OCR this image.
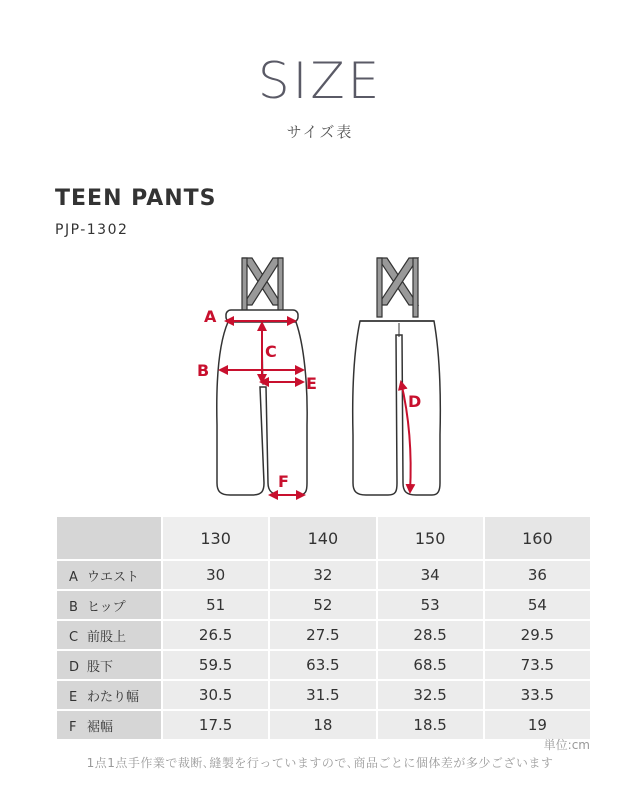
SIZE
サイズ表
TEEN PANTS
PJP-1302
A
C
B
E
F
D
	130	140	150	160
A ウエスト	30	32	34	36
B ヒップ	51	52	53	54
C 前股上	26.5	27.5	28.5	29.5
D 股下	59.5	63.5	68.5	73.5
E わたり幅	30.5	31.5	32.5	33.5
F 裾幅	17.5	18	18.5	19
単位:cm
1点1点手作業で裁断､縫製を行っていますので､商品ごとに個体差が多少ございます
